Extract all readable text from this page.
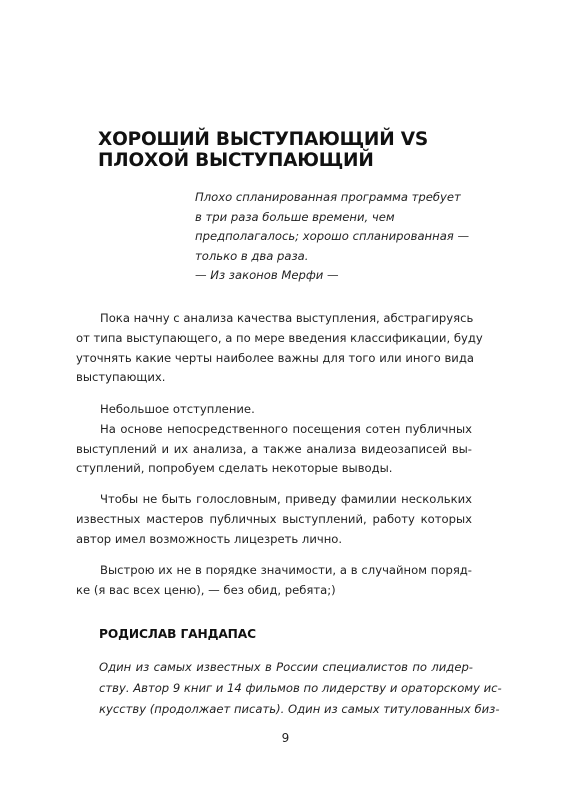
ХОРОШИЙ ВЫСТУПАЮЩИЙ VS
ПЛОХОЙ ВЫСТУПАЮЩИЙ
Плохо спланированная программа требует
в три раза больше времени, чем
предполагалось; хорошо спланированная —
только в два раза.
— Из законов Мерфи —
Пока начну с анализа качества выступления, абстрагируясь
от типа выступающего, а по мере введения классификации, буду
уточнять какие черты наиболее важны для того или иного вида
выступающих.
Небольшое отступление.
На основе непосредственного посещения сотен публичных
выступлений и их анализа, а также анализа видеозаписей вы-
ступлений, попробуем сделать некоторые выводы.
Чтобы не быть голословным, приведу фамилии нескольких
известных мастеров публичных выступлений, работу которых
автор имел возможность лицезреть лично.
Выстрою их не в порядке значимости, а в случайном поряд-
ке (я вас всех ценю), — без обид, ребята;)
РОДИСЛАВ ГАНДАПАС
Один из самых известных в России специалистов по лидер-
ству. Автор 9 книг и 14 фильмов по лидерству и ораторскому ис-
кусству (продолжает писать). Один из самых титулованных биз-
9
